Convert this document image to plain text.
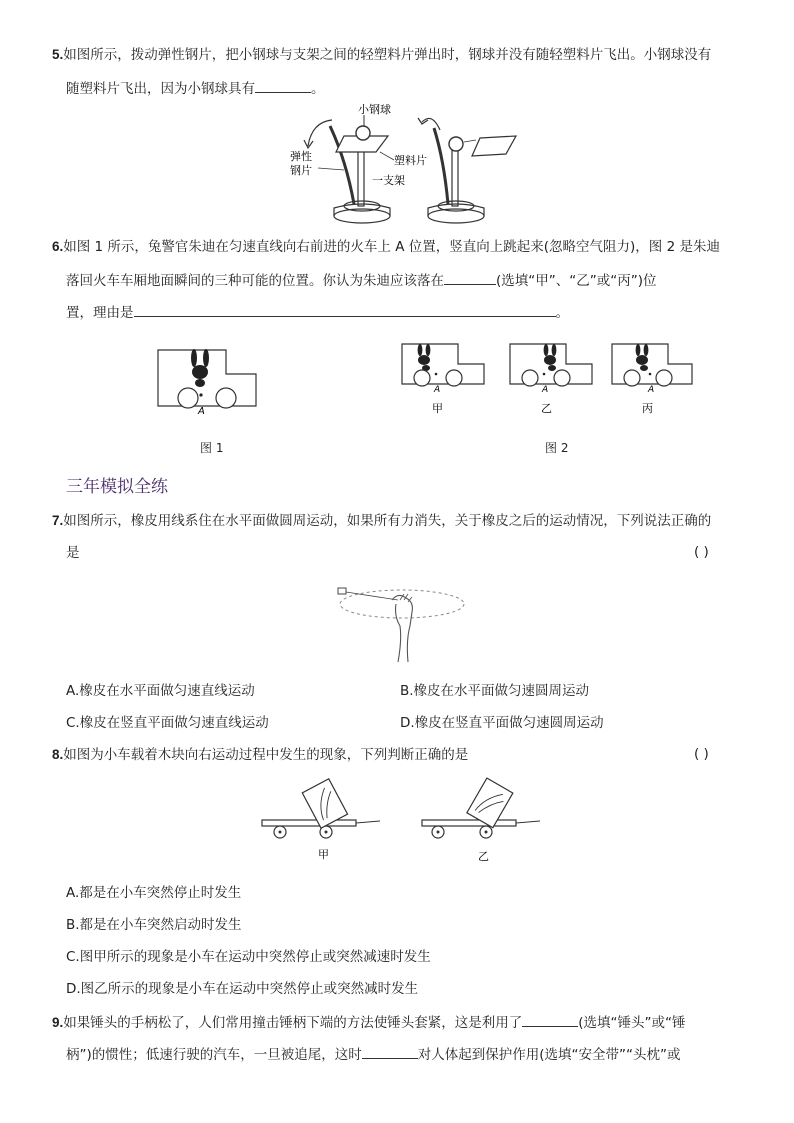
5.如图所示，拨动弹性钢片，把小钢球与支架之间的轻塑料片弹出时，钢球并没有随轻塑料片飞出。小钢球没有
随塑料片飞出，因为小钢球具有	。
小钢球
弹性
钢片
塑料片
一支架
6.如图 1 所示，兔警官朱迪在匀速直线向右前进的火车上 A 位置，竖直向上跳起来(忽略空气阻力)，图 2 是朱迪
落回火车车厢地面瞬间的三种可能的位置。你认为朱迪应该落在	(选填“甲”、“乙”或“丙”)位
置，理由是	。
A
图 1
A	A	A
甲	乙	丙
图 2
三年模拟全练
7.如图所示，橡皮用线系住在水平面做圆周运动，如果所有力消失，关于橡皮之后的运动情况，下列说法正确的
是	( )
A.橡皮在水平面做匀速直线运动	B.橡皮在水平面做匀速圆周运动
C.橡皮在竖直平面做匀速直线运动	D.橡皮在竖直平面做匀速圆周运动
8.如图为小车载着木块向右运动过程中发生的现象，下列判断正确的是	( )
甲	乙
A.都是在小车突然停止时发生
B.都是在小车突然启动时发生
C.图甲所示的现象是小车在运动中突然停止或突然减速时发生
D.图乙所示的现象是小车在运动中突然停止或突然减时发生
9.如果锤头的手柄松了，人们常用撞击锤柄下端的方法使锤头套紧，这是利用了	(选填“锤头”或“锤
柄”)的惯性；低速行驶的汽车，一旦被追尾，这时	对人体起到保护作用(选填“安全带”“头枕”或
